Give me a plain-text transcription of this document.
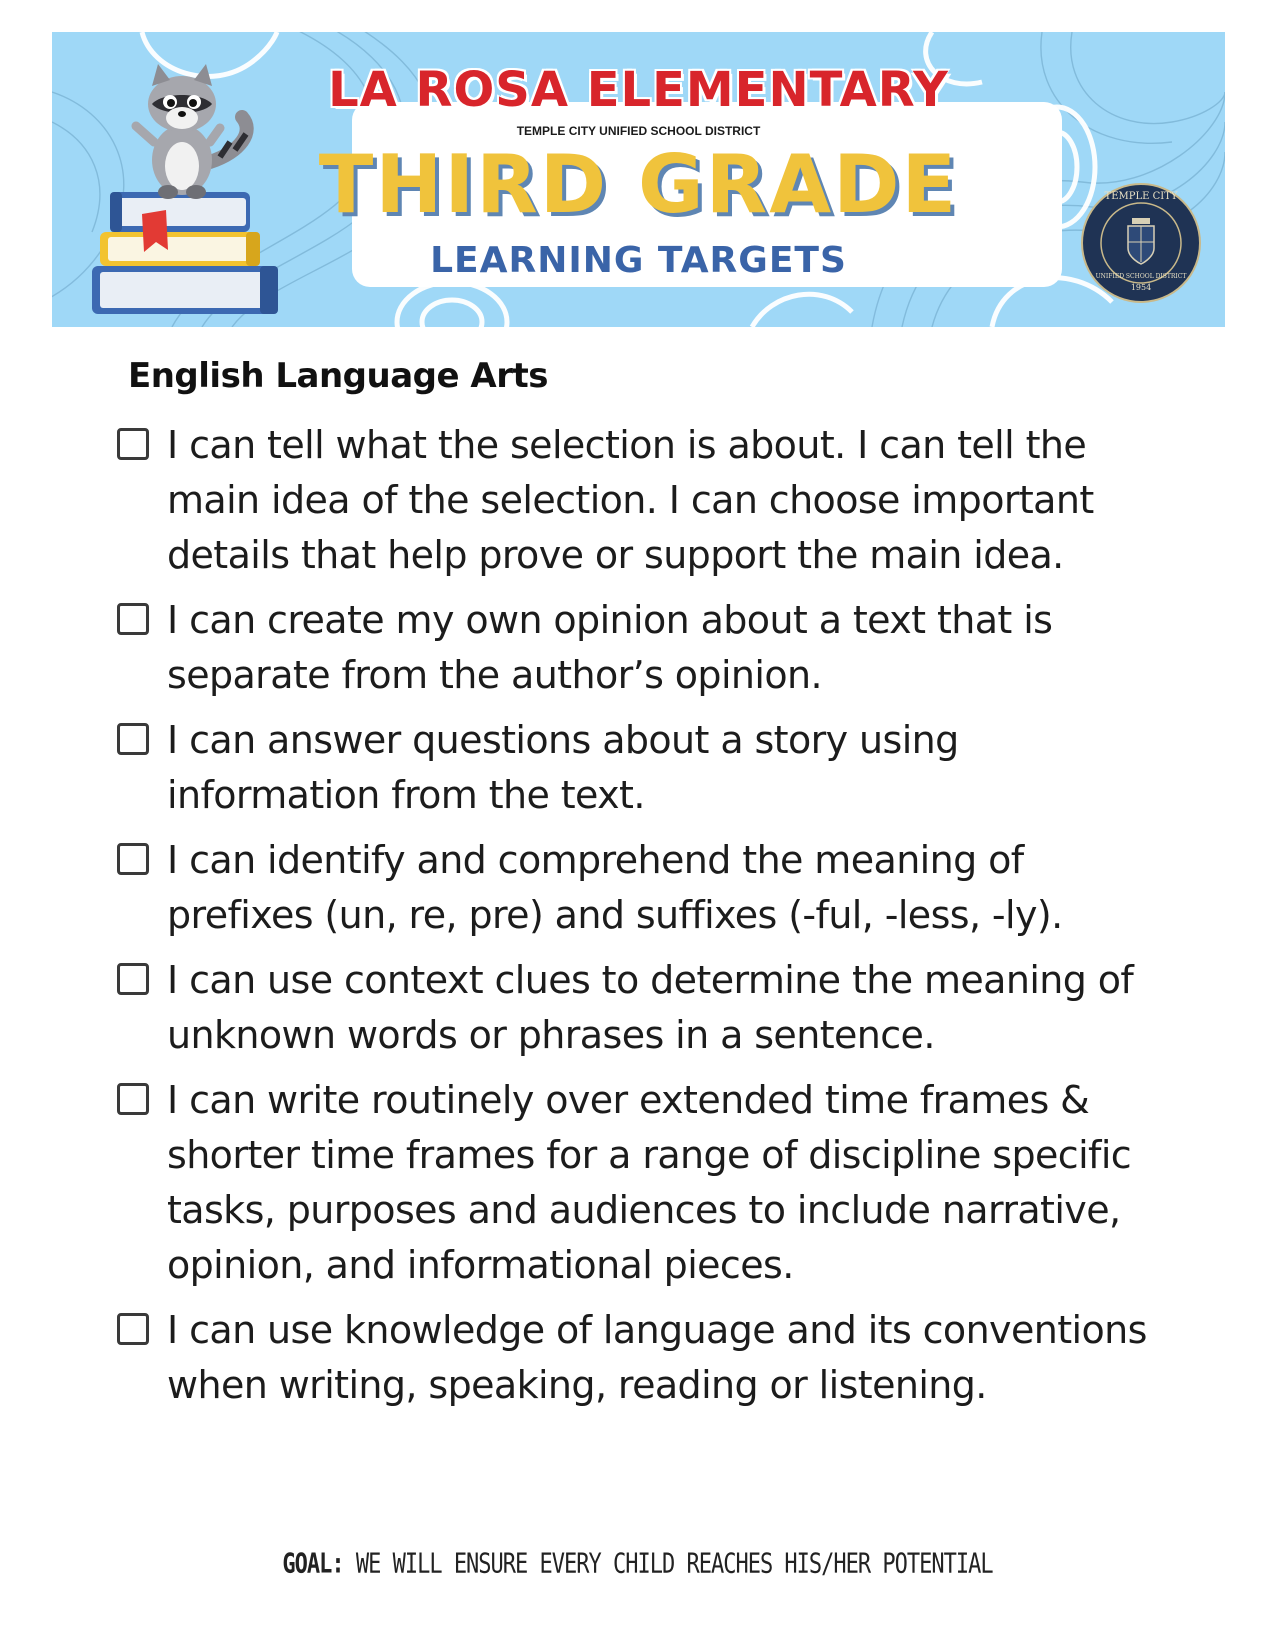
LA ROSA ELEMENTARY
TEMPLE CITY UNIFIED SCHOOL DISTRICT
THIRD GRADE
LEARNING TARGETS
TEMPLE CITY
UNIFIED SCHOOL DISTRICT
1954
English Language Arts
I can tell what the selection is about. I can tell the main idea of the selection. I can choose important details that help prove or support the main idea.
I can create my own opinion about a text that is separate from the author’s opinion.
I can answer questions about a story using information from the text.
I can identify and comprehend the meaning of prefixes (un, re, pre) and suffixes (-ful, -less, -ly).
I can use context clues to determine the meaning of unknown words or phrases in a sentence.
I can write routinely over extended time frames & shorter time frames for a range of discipline specific tasks, purposes and audiences to include narrative, opinion, and informational pieces.
I can use knowledge of language and its conventions when writing, speaking, reading or listening.
GOAL: WE WILL ENSURE EVERY CHILD REACHES HIS/HER POTENTIAL
